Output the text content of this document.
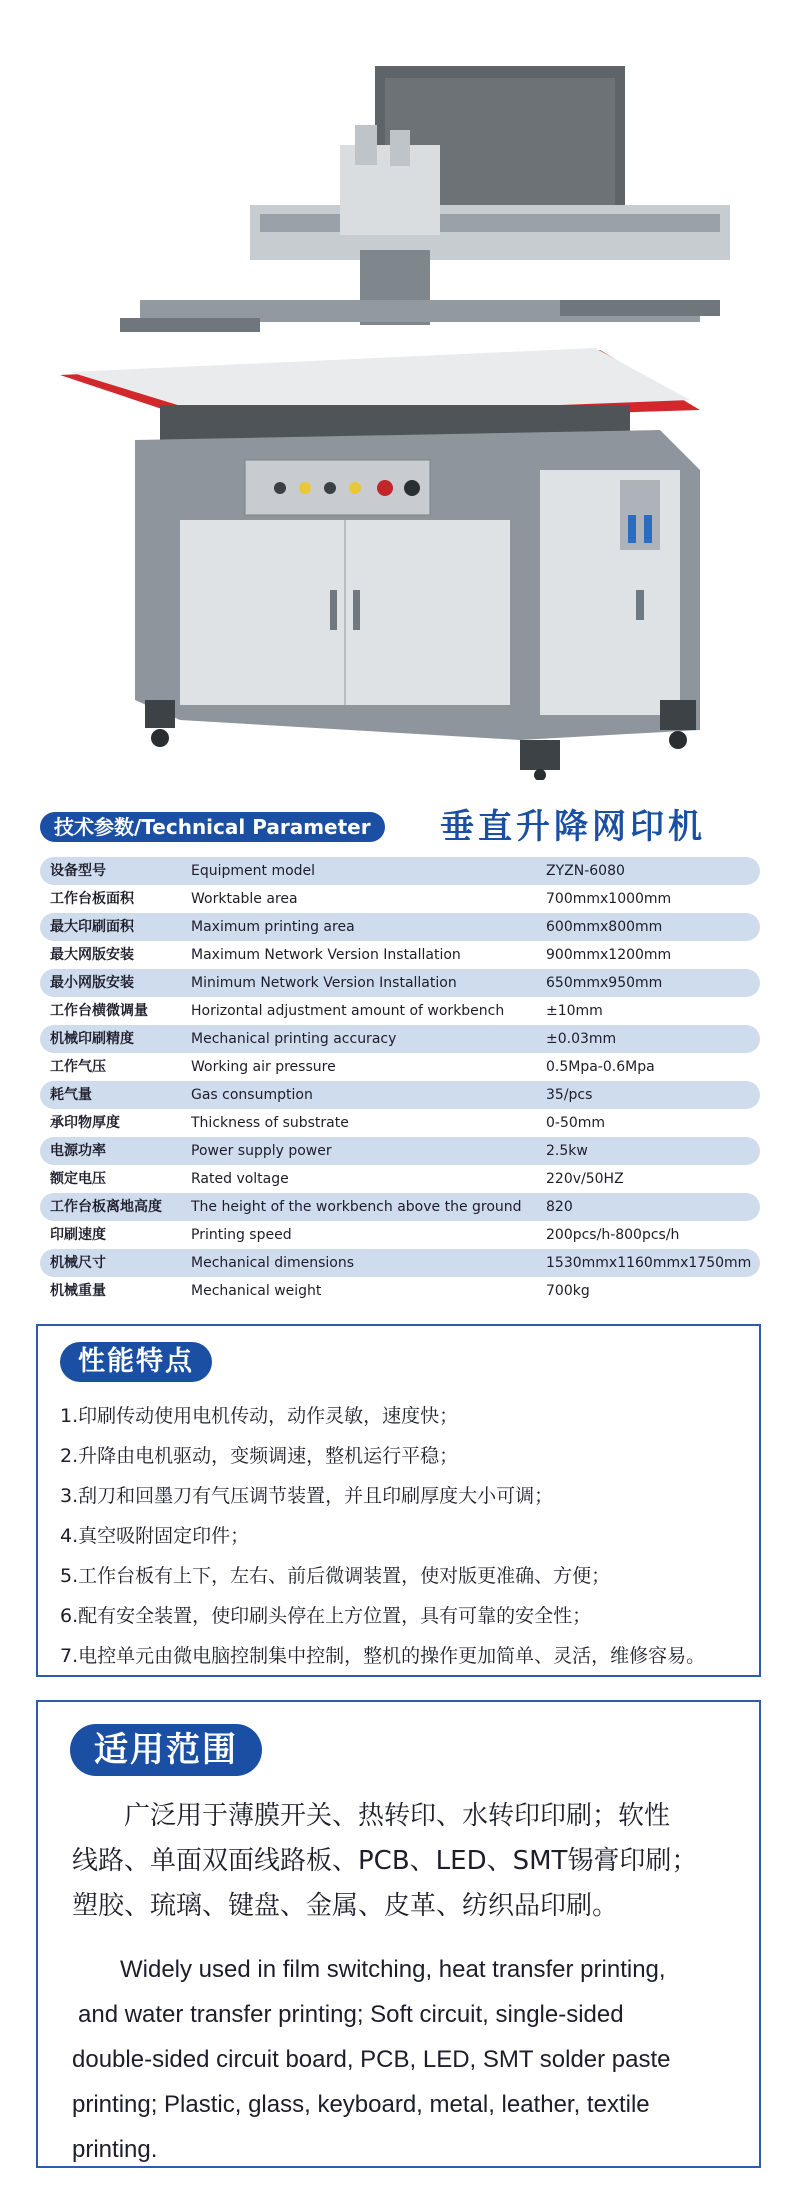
技术参数/Technical Parameter	垂直升降网印机
设备型号	Equipment model	ZYZN-6080
工作台板面积	Worktable area	700mmx1000mm
最大印刷面积	Maximum printing area	600mmx800mm
最大网版安装	Maximum Network Version Installation	900mmx1200mm
最小网版安装	Minimum Network Version Installation	650mmx950mm
工作台横微调量	Horizontal adjustment amount of workbench	±10mm
机械印刷精度	Mechanical printing accuracy	±0.03mm
工作气压	Working air pressure	0.5Mpa-0.6Mpa
耗气量	Gas consumption	35/pcs
承印物厚度	Thickness of substrate	0-50mm
电源功率	Power supply power	2.5kw
额定电压	Rated voltage	220v/50HZ
工作台板离地高度 The height of the workbench above the ground 820
印刷速度	Printing speed	200pcs/h-800pcs/h
机械尺寸	Mechanical dimensions	1530mmx1160mmx1750mm
机械重量	Mechanical weight	700kg
性能特点
1.印刷传动使用电机传动，动作灵敏，速度快；
2.升降由电机驱动，变频调速，整机运行平稳；
3.刮刀和回墨刀有气压调节装置，并且印刷厚度大小可调；
4.真空吸附固定印件；
5.工作台板有上下，左右、前后微调装置，使对版更准确、方便；
6.配有安全装置，使印刷头停在上方位置，具有可靠的安全性；
7.电控单元由微电脑控制集中控制，整机的操作更加简单、灵活，维修容易。
适用范围
广泛用于薄膜开关、热转印、水转印印刷；软性
线路、单面双面线路板、PCB、LED、SMT锡膏印刷；
塑胶、琉璃、键盘、金属、皮革、纺织品印刷。
Widely used in film switching, heat transfer printing,
and water transfer printing; Soft circuit, single-sided
double-sided circuit board, PCB, LED, SMT solder paste
printing; Plastic, glass, keyboard, metal, leather, textile
printing.
